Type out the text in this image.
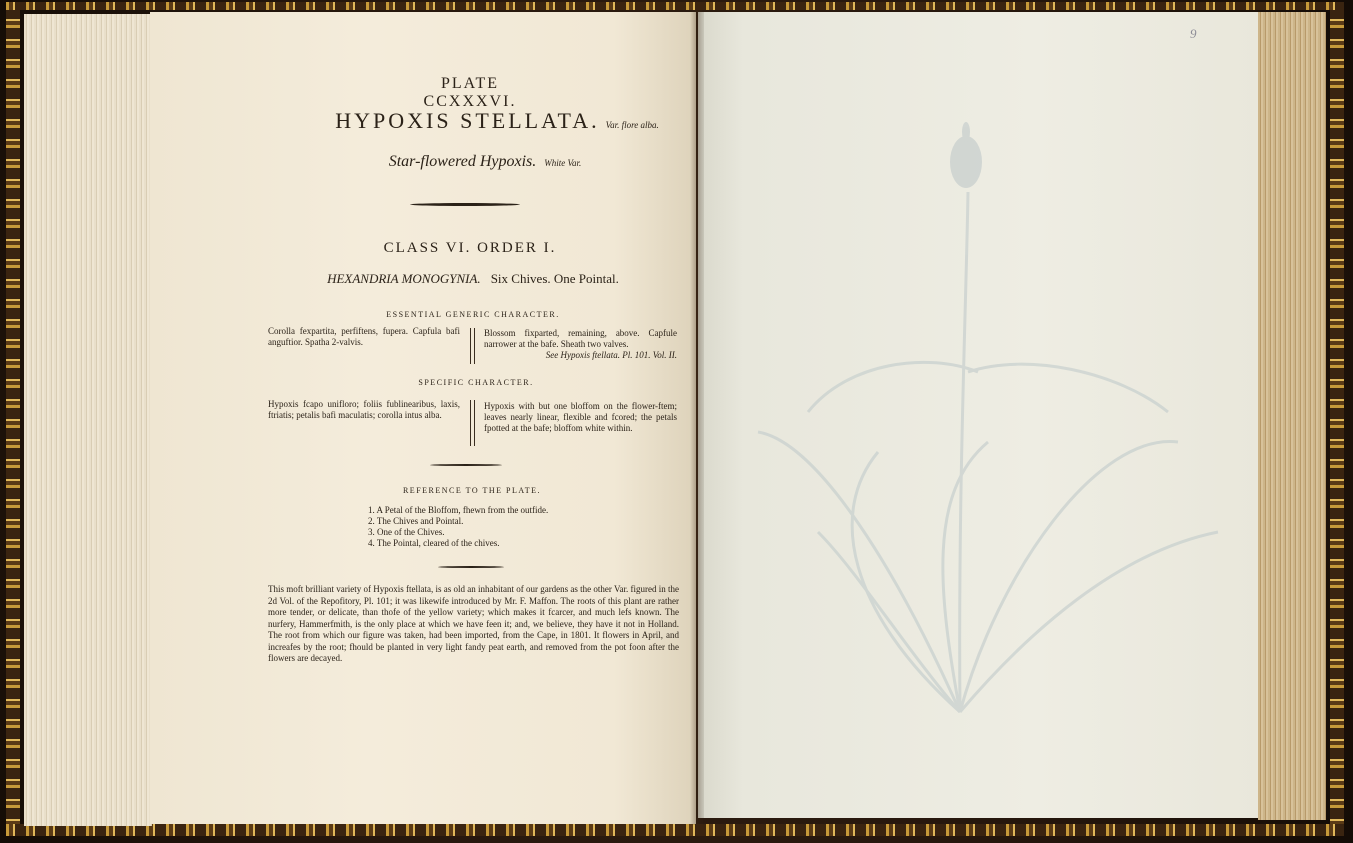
9
PLATE CCXXXVI.
HYPOXIS STELLATA. Var. flore alba.
Star-flowered Hypoxis. White Var.
CLASS VI. ORDER I.
HEXANDRIA MONOGYNIA. Six Chives. One Pointal.
ESSENTIAL GENERIC CHARACTER.
Corolla fexpartita, perfiftens, fupera. Capfula bafi anguftior. Spatha 2-valvis.
Blossom fixparted, remaining, above. Capfule narrower at the bafe. Sheath two valves.
See Hypoxis ftellata. Pl. 101. Vol. II.
SPECIFIC CHARACTER.
Hypoxis fcapo unifloro; foliis fublinearibus, laxis, ftriatis; petalis bafi maculatis; corolla intus alba.
Hypoxis with but one bloffom on the flower-ftem; leaves nearly linear, flexible and fcored; the petals fpotted at the bafe; bloffom white within.
REFERENCE TO THE PLATE.
1. A Petal of the Bloffom, fhewn from the outfide.
2. The Chives and Pointal.
3. One of the Chives.
4. The Pointal, cleared of the chives.

This moft brilliant variety of Hypoxis ftellata, is as old an inhabitant of our gardens as the other Var. figured in the 2d Vol. of the Repofitory, Pl. 101; it was likewife introduced by Mr. F. Maffon. The roots of this plant are rather more tender, or delicate, than thofe of the yellow variety; which makes it fcarcer, and much lefs known. The nurfery, Hammerfmith, is the only place at which we have feen it; and, we believe, they have it not in Holland. The root from which our figure was taken, had been imported, from the Cape, in 1801. It flowers in April, and increafes by the root; fhould be planted in very light fandy peat earth, and removed from the pot foon after the flowers are decayed.
